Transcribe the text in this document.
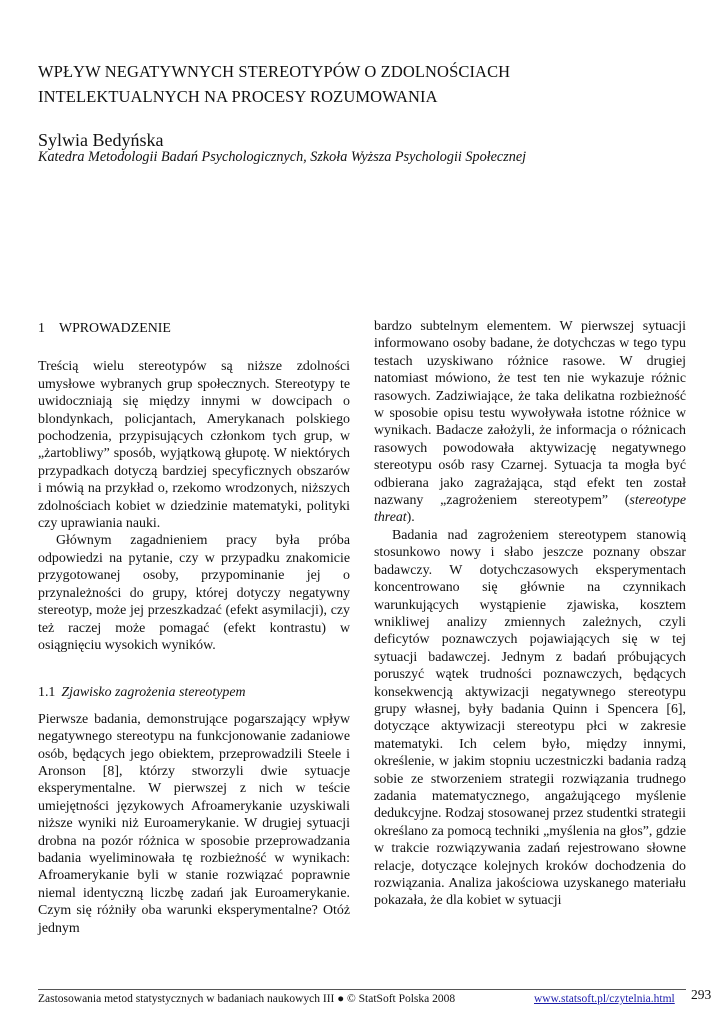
WPŁYW NEGATYWNYCH STEREOTYPÓW O ZDOLNOŚCIACH
INTELEKTUALNYCH NA PROCESY ROZUMOWANIA
Sylwia Bedyńska
Katedra Metodologii Badań Psychologicznych, Szkoła Wyższa Psychologii Społecznej
1 WPROWADZENIE

Treścią wielu stereotypów są niższe zdolności umysłowe wybranych grup społecznych. Stereotypy te uwidoczniają się między innymi w dowcipach o blondynkach, policjantach, Amerykanach polskiego pochodzenia, przypisujących członkom tych grup, w „żartobliwy” sposób, wyjątkową głupotę. W niektórych przypadkach dotyczą bardziej specyficznych obszarów i mówią na przykład o, rzekomo wrodzonych, niższych zdolnościach kobiet w dziedzinie matematyki, polityki czy uprawiania nauki.

Głównym zagadnieniem pracy była próba odpowiedzi na pytanie, czy w przypadku znakomicie przygotowanej osoby, przypominanie jej o przynależności do grupy, której dotyczy negatywny stereotyp, może jej przeszkadzać (efekt asymilacji), czy też raczej może pomagać (efekt kontrastu) w osiągnięciu wysokich wyników.

1.1 Zjawisko zagrożenia stereotypem

Pierwsze badania, demonstrujące pogarszający wpływ negatywnego stereotypu na funkcjonowanie zadaniowe osób, będących jego obiektem, przeprowadzili Steele i Aronson [8], którzy stworzyli dwie sytuacje eksperymentalne. W pierwszej z nich w teście umiejętności językowych Afroamerykanie uzyskiwali niższe wyniki niż Euroamerykanie. W drugiej sytuacji drobna na pozór różnica w sposobie przeprowadzania badania wyeliminowała tę rozbieżność w wynikach: Afroamerykanie byli w stanie rozwiązać poprawnie niemal identyczną liczbę zadań jak Euroamerykanie. Czym się różniły oba warunki eksperymentalne? Otóż jednym

bardzo subtelnym elementem. W pierwszej sytuacji informowano osoby badane, że dotychczas w tego typu testach uzyskiwano różnice rasowe. W drugiej natomiast mówiono, że test ten nie wykazuje różnic rasowych. Zadziwiające, że taka delikatna rozbieżność w sposobie opisu testu wywoływała istotne różnice w wynikach. Badacze założyli, że informacja o różnicach rasowych powodowała aktywizację negatywnego stereotypu osób rasy Czarnej. Sytuacja ta mogła być odbierana jako zagrażająca, stąd efekt ten został nazwany „zagrożeniem stereotypem” (stereotype threat).

Badania nad zagrożeniem stereotypem stanowią stosunkowo nowy i słabo jeszcze poznany obszar badawczy. W dotychczasowych eksperymentach koncentrowano się głównie na czynnikach warunkujących wystąpienie zjawiska, kosztem wnikliwej analizy zmiennych zależnych, czyli deficytów poznawczych pojawiających się w tej sytuacji badawczej. Jednym z badań próbujących poruszyć wątek trudności poznawczych, będących konsekwencją aktywizacji negatywnego stereotypu grupy własnej, były badania Quinn i Spencera [6], dotyczące aktywizacji stereotypu płci w zakresie matematyki. Ich celem było, między innymi, określenie, w jakim stopniu uczestniczki badania radzą sobie ze stworzeniem strategii rozwiązania trudnego zadania matematycznego, angażującego myślenie dedukcyjne. Rodzaj stosowanej przez studentki strategii określano za pomocą techniki „myślenia na głos”, gdzie w trakcie rozwiązywania zadań rejestrowano słowne relacje, dotyczące kolejnych kroków dochodzenia do rozwiązania. Analiza jakościowa uzyskanego materiału pokazała, że dla kobiet w sytuacji

Zastosowania metod statystycznych w badaniach naukowych III ● © StatSoft Polska 2008	www.statsoft.pl/czytelnia.html 293
